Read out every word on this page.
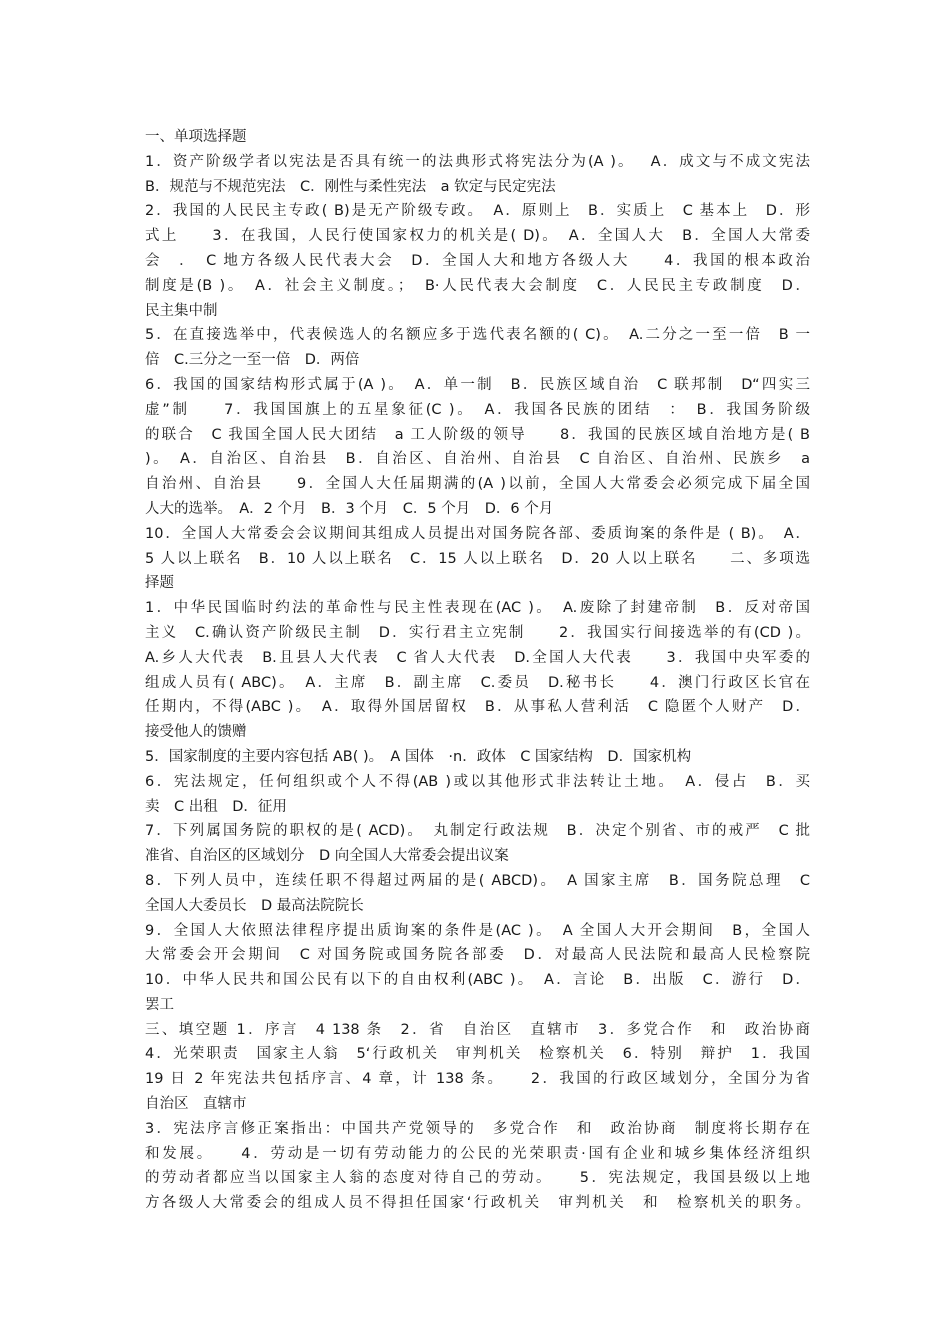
一、单项选择题
1．资产阶级学者以宪法是否具有统一的法典形式将宪法分为(A )。　 A．成文与不成文宪法
B．规范与不规范宪法　C．刚性与柔性宪法　a 钦定与民定宪法
2．我国的人民民主专政( B)是无产阶级专政。　A．原则上　B．实质上　C 基本上　D．形
式上　　3．在我国，人民行使国家权力的机关是( D)。　A．全国人大　B．全国人大常委
会　．　C 地方各级人民代表大会　D．全国人大和地方各级人大　　4．我国的根本政治
制度是(B )。　A．社会主义制度。；　B·人民代表大会制度　C．人民民主专政制度　D．
民主集中制
5．在直接选举中，代表候选人的名额应多于选代表名额的( C)。　A.二分之一至一倍　B 一
倍　C.三分之一至一倍　D．两倍
6．我国的国家结构形式属于(A )。　A．单一制　B．民族区域自治　C 联邦制　D“四实三
虚”制　　7．我国国旗上的五星象征(C )。　A．我国各民族的团结　：　B．我国务阶级
的联合　C 我国全国人民大团结　a 工人阶级的领导　　8．我国的民族区域自治地方是( B
)。　A．自治区、自治县　B．自治区、自治州、自治县　C 自治区、自治州、民族乡　a
自治州、自治县　　9．全国人大任届期满的(A )以前，全国人大常委会必须完成下届全国
人大的选举。　A．2 个月　B．3 个月　C．5 个月　D．6 个月
10．全国人大常委会会议期间其组成人员提出对国务院各部、委质询案的条件是 ( B)。　A．
5 人以上联名　B．10 人以上联名　C．15 人以上联名　D．20 人以上联名　　二、多项选
择题
1．中华民国临时约法的革命性与民主性表现在(AC )。　A.废除了封建帝制　B．反对帝国
主义　C.确认资产阶级民主制　D．实行君主立宪制　　2．我国实行间接选举的有(CD )。
A.乡人大代表　B.且县人大代表　C 省人大代表　D.全国人大代表　　3．我国中央军委的
组成人员有( ABC)。　A．主席　B．副主席　C.委员　D.秘书长　　4．澳门行政区长官在
任期内，不得(ABC )。　A．取得外国居留权　B．从事私人营利活　C 隐匿个人财产　D．
接受他人的馈赠
5．国家制度的主要内容包括 AB( )。　A 国体　·n．政体　C 国家结构　D．国家机构
6．宪法规定，任何组织或个人不得(AB )或以其他形式非法转让土地。　A．侵占　B．买
卖　C 出租　D．征用
7．下列属国务院的职权的是( ACD)。　丸制定行政法规　B．决定个别省、市的戒严　C 批
准省、自治区的区域划分　D 向全国人大常委会提出议案
8．下列人员中，连续任职不得超过两届的是( ABCD)。　A 国家主席　B．国务院总理　C
全国人大委员长　D 最高法院院长
9．全国人大依照法律程序提出质询案的条件是(AC )。　A 全国人大开会期间　B，全国人
大常委会开会期间　C 对国务院或国务院各部委　D．对最高人民法院和最高人民检察院
10．中华人民共和国公民有以下的自由权利(ABC )。　A．言论　B．出版　C．游行　D．
罢工
三、填空题 1．序言　4 138 条　2．省　自治区　直辖市　3．多党合作　和　政治协商
4．光荣职责　国家主人翁　5‘行政机关　审判机关　检察机关　6．特别　辩护　1．我国
19 日 2 年宪法共包括序言、4 章，计 138 条。　　2．我国的行政区域划分，全国分为省
自治区　直辖市
3．宪法序言修正案指出：中国共产党领导的　多党合作　和　政治协商　制度将长期存在
和发展。　　4．劳动是一切有劳动能力的公民的光荣职责·国有企业和城乡集体经济组织
的劳动者都应当以国家主人翁的态度对待自己的劳动。　　5．宪法规定，我国县级以上地
方各级人大常委会的组成人员不得担任国家‘行政机关　审判机关　和　检察机关的职务。
